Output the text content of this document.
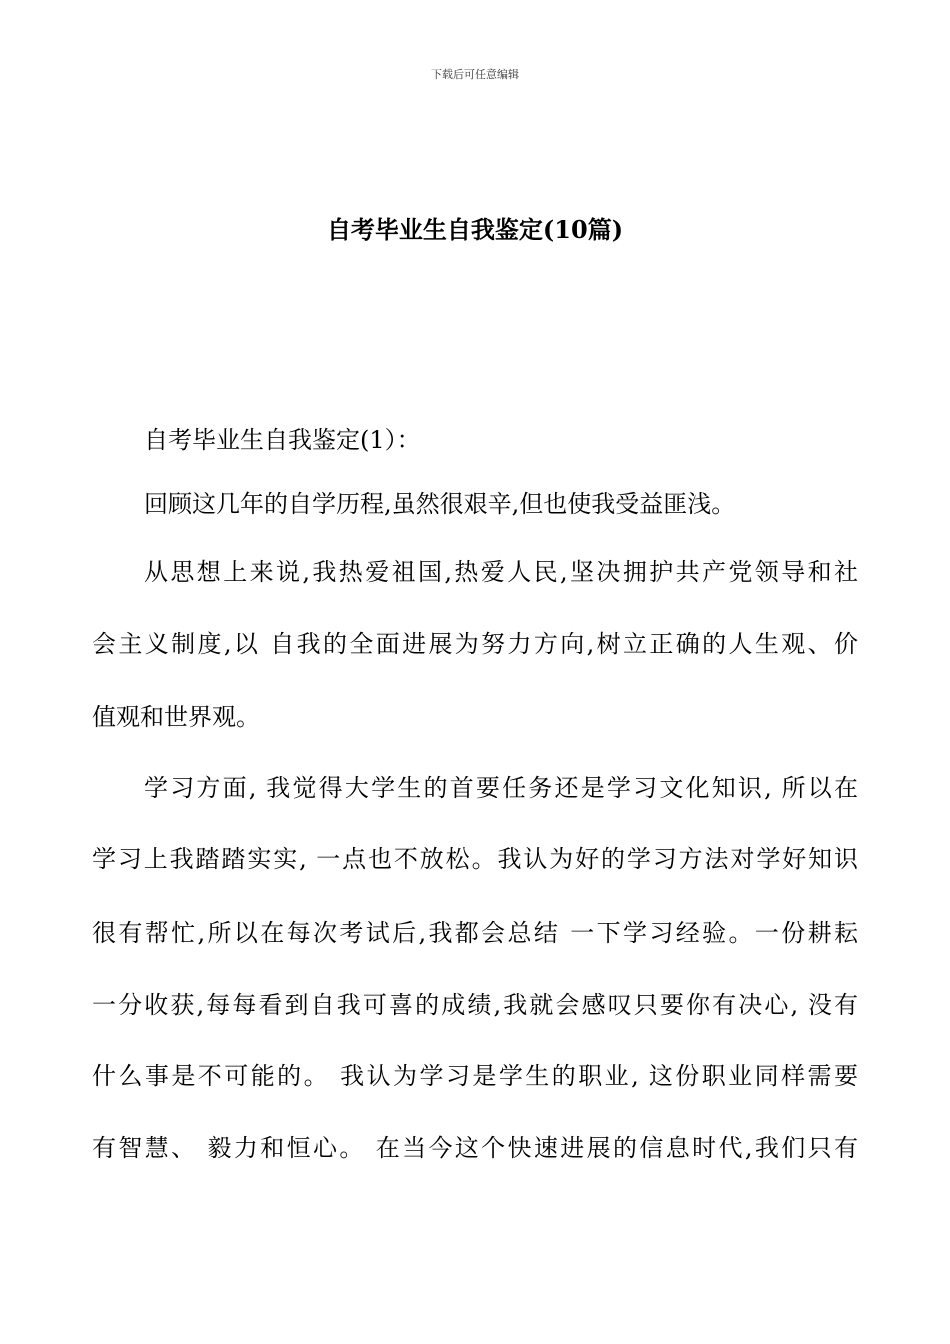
下载后可任意编辑
自考毕业生自我鉴定(10篇)
自考毕业生自我鉴定(1）：
回顾这几年的自学历程,虽然很艰辛,但也使我受益匪浅。
从思想上来说,我热爱祖国,热爱人民,坚决拥护共产党领导和社
会主义制度,以 自我的全面进展为努力方向,树立正确的人生观、价
值观和世界观。
学习方面, 我觉得大学生的首要任务还是学习文化知识, 所以在
学习上我踏踏实实, 一点也不放松。我认为好的学习方法对学好知识
很有帮忙,所以在每次考试后,我都会总结 一下学习经验。一份耕耘
一分收获,每每看到自我可喜的成绩,我就会感叹只要你有决心, 没有
什么事是不可能的。 我认为学习是学生的职业, 这份职业同样需要
有智慧、 毅力和恒心。 在当今这个快速进展的信息时代,我们只有
